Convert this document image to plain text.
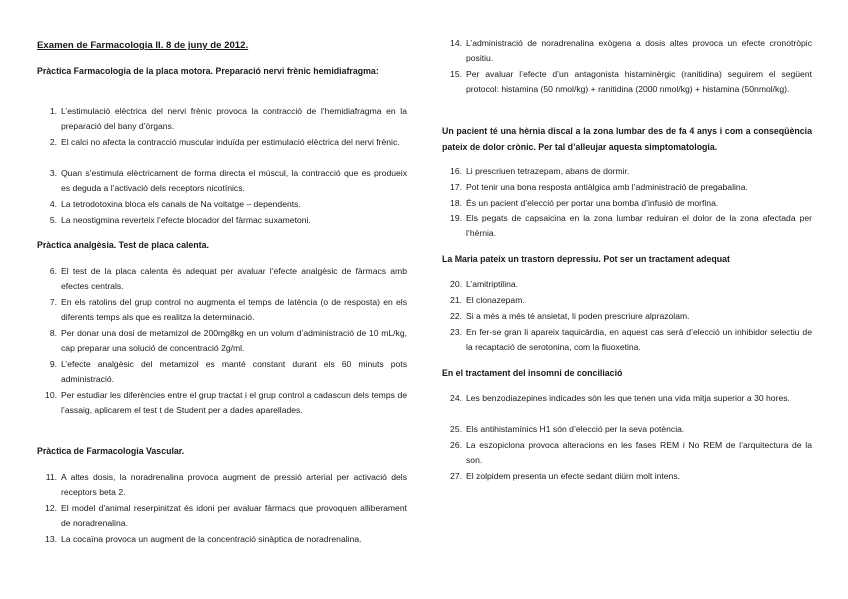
Examen de Farmacologia II. 8 de juny de 2012.
Pràctica Farmacologia de la placa motora. Preparació nervi frènic hemidiafragma:
1. L’estimulació elèctrica del nervi frènic provoca la contracció de l’hemidiafragma en la preparació del bany d’òrgans.
2. El calci no afecta la contracció muscular induïda per estimulació elèctrica del nervi frènic.
3. Quan s’estimula elèctricament de forma directa el múscul, la contracció que es produeix es deguda a l’activació dels receptors nicotínics.
4. La tetrodotoxina bloca els canals de Na voltatge – dependents.
5. La neostigmina reverteix l’efecte blocador del fàrmac suxametoni.
Pràctica analgèsia. Test de placa calenta.
6. El test de la placa calenta és adequat per avaluar l’efecte analgèsic de fàrmacs amb efectes centrals.
7. En els ratolins del grup control no augmenta el temps de latència (o de resposta) en els diferents temps als que es realitza la determinació.
8. Per donar una dosi de metamizol de 200mg8kg en un volum d’administració de 10 mL/kg, cap preparar una solució de concentració 2g/ml.
9. L’efecte analgèsic del metamizol es manté constant durant els 60 minuts pots administració.
10. Per estudiar les diferències entre el grup tractat i el grup control a cadascun dels temps de l’assaig, aplicarem el test t de Student per a dades aparellades.
Pràctica de Farmacologia Vascular.
11. A altes dosis, la noradrenalina provoca augment de pressió arterial per activació dels receptors beta 2.
12. El model d’animal reserpinitzat és idoni per avaluar fàrmacs que provoquen alliberament de noradrenalina.
13. La cocaïna provoca un augment de la concentració sinàptica de noradrenalina.
14. L’administració de noradrenalina exògena a dosis altes provoca un efecte cronotròpic positiu.
15. Per avaluar l’efecte d’un antagonista histaminèrgic (ranitidina) seguirem el següent protocol: histamina (50 nmol/kg) + ranitidina (2000 nmol/kg) + histamina (50nmol/kg).
Un pacient té una hèrnia discal a la zona lumbar des de fa 4 anys i com a conseqüència pateix de dolor crònic. Per tal d’alleujar aquesta simptomatologia.
16. Li prescriuen tetrazepam, abans de dormir.
17. Pot tenir una bona resposta antiàlgica amb l’administració de pregabalina.
18. És un pacient d’elecció per portar una bomba d’infusió de morfina.
19. Els pegats de capsaicina en la zona lumbar reduiran el dolor de la zona afectada per l’hèrnia.
La Maria pateix un trastorn depressiu. Pot ser un tractament adequat
20. L’amitriptilina.
21. El clonazepam.
22. Si a més a més té ansietat, li poden prescriure alprazolam.
23. En fer-se gran li apareix taquicàrdia, en aquest cas serà d’elecció un inhibidor selectiu de la recaptació de serotonina, com la fluoxetina.
En el tractament del insomni de conciliació
24. Les benzodiazepines indicades són les que tenen una vida mitja superior a 30 hores.
25. Els antihistamínics H1 són d’elecció per la seva potència.
26. La eszopiclona provoca alteracions en les fases REM i No REM de l’arquitectura de la son.
27. El zolpidem presenta un efecte sedant diürn molt intens.
